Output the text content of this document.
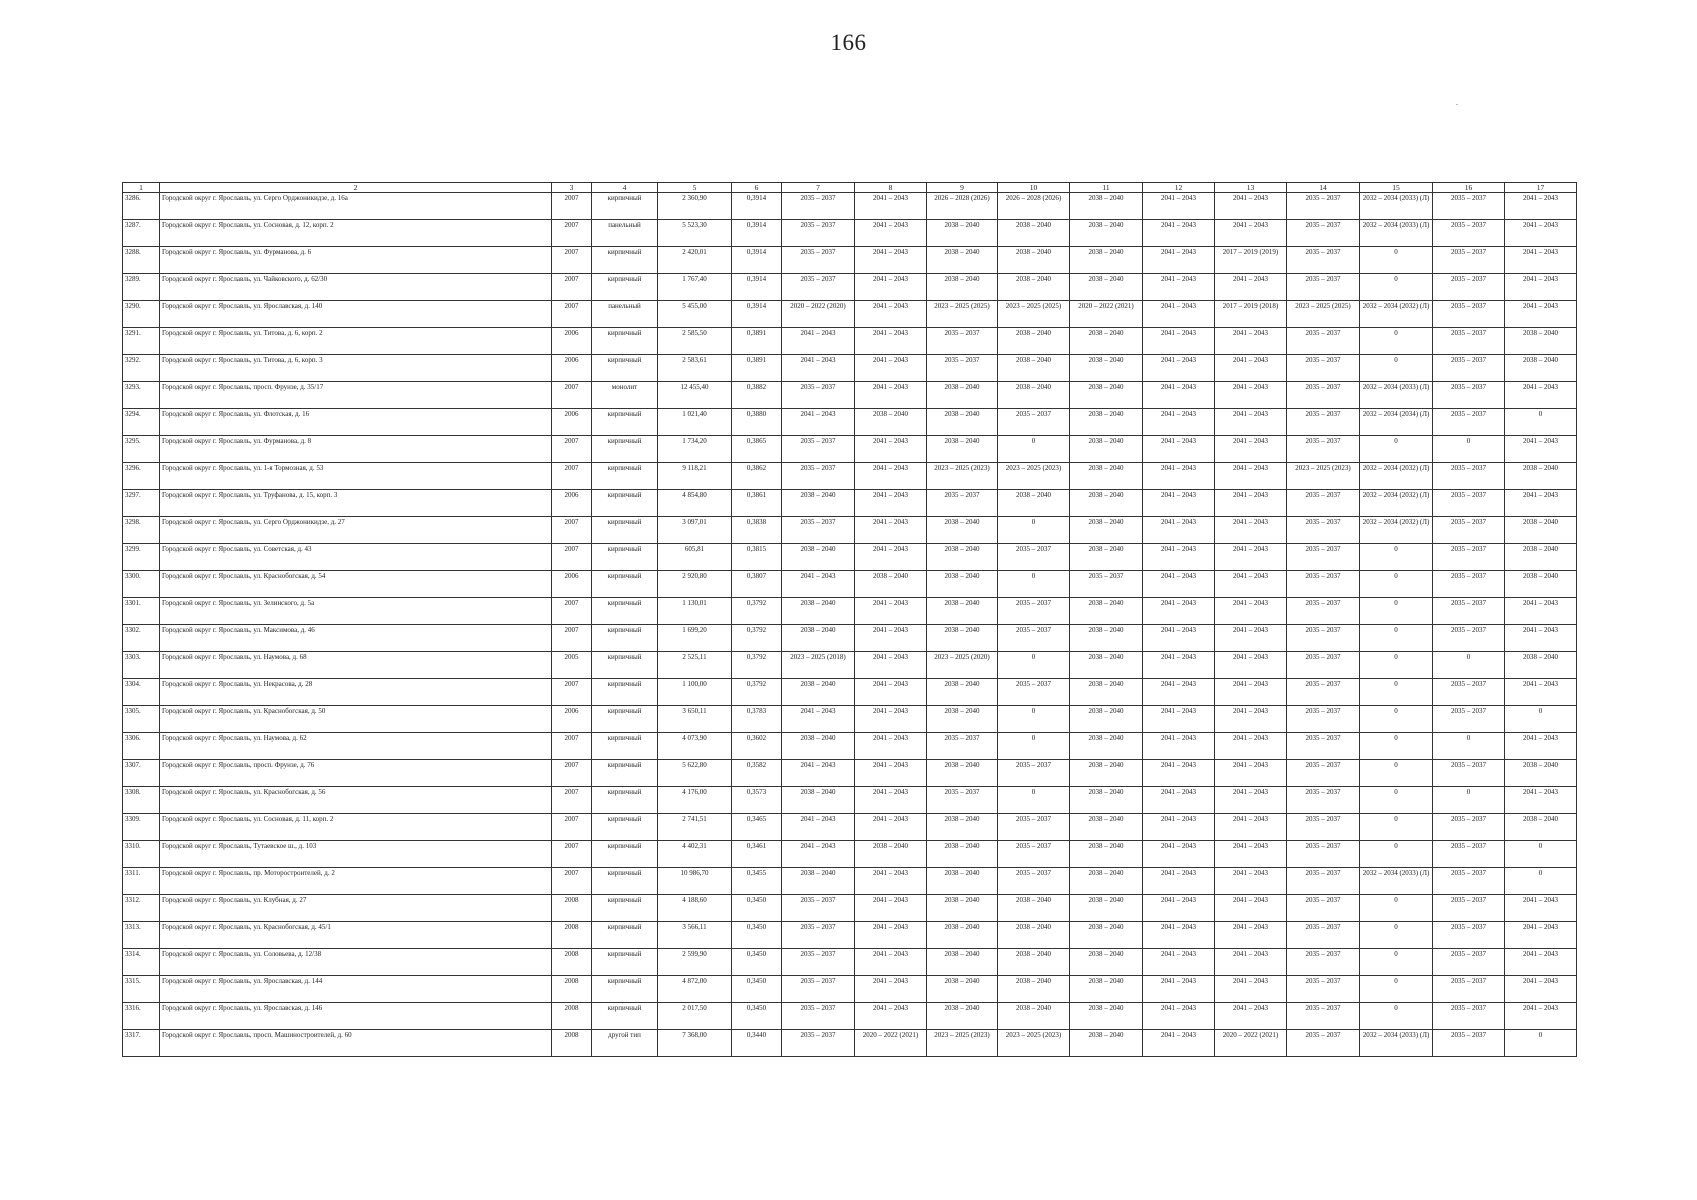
166
1	2	3	4	5	6	7	8	9	10	11	12	13	14	15	16	17
3286.	Городской округ г. Ярославль, ул. Серго Орджоникидзе, д. 16а	2007	кирпичный	2 360,90	0,3914	2035 – 2037	2041 – 2043	2026 – 2028 (2026)	2026 – 2028 (2026)	2038 – 2040	2041 – 2043	2041 – 2043	2035 – 2037	2032 – 2034 (2033) (Л)	2035 – 2037	2041 – 2043
3287.	Городской округ г. Ярославль, ул. Сосновая, д. 12, корп. 2	2007	панельный	5 523,30	0,3914	2035 – 2037	2041 – 2043	2038 – 2040	2038 – 2040	2038 – 2040	2041 – 2043	2041 – 2043	2035 – 2037	2032 – 2034 (2033) (Л)	2035 – 2037	2041 – 2043
3288.	Городской округ г. Ярославль, ул. Фурманова, д. 6	2007	кирпичный	2 420,01	0,3914	2035 – 2037	2041 – 2043	2038 – 2040	2038 – 2040	2038 – 2040	2041 – 2043	2017 – 2019 (2019)	2035 – 2037	0	2035 – 2037	2041 – 2043
3289.	Городской округ г. Ярославль, ул. Чайковского, д. 62/30	2007	кирпичный	1 767,40	0,3914	2035 – 2037	2041 – 2043	2038 – 2040	2038 – 2040	2038 – 2040	2041 – 2043	2041 – 2043	2035 – 2037	0	2035 – 2037	2041 – 2043
3290.	Городской округ г. Ярославль, ул. Ярославская, д. 140	2007	панельный	5 455,00	0,3914	2020 – 2022 (2020)	2041 – 2043	2023 – 2025 (2025)	2023 – 2025 (2025)	2020 – 2022 (2021)	2041 – 2043	2017 – 2019 (2018)	2023 – 2025 (2025)	2032 – 2034 (2032) (Л)	2035 – 2037	2041 – 2043
3291.	Городской округ г. Ярославль, ул. Титова, д. 6, корп. 2	2006	кирпичный	2 585,50	0,3891	2041 – 2043	2041 – 2043	2035 – 2037	2038 – 2040	2038 – 2040	2041 – 2043	2041 – 2043	2035 – 2037	0	2035 – 2037	2038 – 2040
3292.	Городской округ г. Ярославль, ул. Титова, д. 6, корп. 3	2006	кирпичный	2 583,61	0,3891	2041 – 2043	2041 – 2043	2035 – 2037	2038 – 2040	2038 – 2040	2041 – 2043	2041 – 2043	2035 – 2037	0	2035 – 2037	2038 – 2040
3293.	Городской округ г. Ярославль, просп. Фрунзе, д. 35/17	2007	монолит	12 455,40	0,3882	2035 – 2037	2041 – 2043	2038 – 2040	2038 – 2040	2038 – 2040	2041 – 2043	2041 – 2043	2035 – 2037	2032 – 2034 (2033) (Л)	2035 – 2037	2041 – 2043
3294.	Городской округ г. Ярославль, ул. Флотская, д. 16	2006	кирпичный	1 021,40	0,3880	2041 – 2043	2038 – 2040	2038 – 2040	2035 – 2037	2038 – 2040	2041 – 2043	2041 – 2043	2035 – 2037	2032 – 2034 (2034) (Л)	2035 – 2037	0
3295.	Городской округ г. Ярославль, ул. Фурманова, д. 8	2007	кирпичный	1 734,20	0,3865	2035 – 2037	2041 – 2043	2038 – 2040	0	2038 – 2040	2041 – 2043	2041 – 2043	2035 – 2037	0	0	2041 – 2043
3296.	Городской округ г. Ярославль, ул. 1-я Тормозная, д. 53	2007	кирпичный	9 118,21	0,3862	2035 – 2037	2041 – 2043	2023 – 2025 (2023)	2023 – 2025 (2023)	2038 – 2040	2041 – 2043	2041 – 2043	2023 – 2025 (2023)	2032 – 2034 (2032) (Л)	2035 – 2037	2038 – 2040
3297.	Городской округ г. Ярославль, ул. Труфанова, д. 15, корп. 3	2006	кирпичный	4 854,80	0,3861	2038 – 2040	2041 – 2043	2035 – 2037	2038 – 2040	2038 – 2040	2041 – 2043	2041 – 2043	2035 – 2037	2032 – 2034 (2032) (Л)	2035 – 2037	2041 – 2043
3298.	Городской округ г. Ярославль, ул. Серго Орджоникидзе, д. 27	2007	кирпичный	3 097,01	0,3838	2035 – 2037	2041 – 2043	2038 – 2040	0	2038 – 2040	2041 – 2043	2041 – 2043	2035 – 2037	2032 – 2034 (2032) (Л)	2035 – 2037	2038 – 2040
3299.	Городской округ г. Ярославль, ул. Советская, д. 43	2007	кирпичный	605,81	0,3815	2038 – 2040	2041 – 2043	2038 – 2040	2035 – 2037	2038 – 2040	2041 – 2043	2041 – 2043	2035 – 2037	0	2035 – 2037	2038 – 2040
3300.	Городской округ г. Ярославль, ул. Краснобогская, д. 54	2006	кирпичный	2 920,80	0,3807	2041 – 2043	2038 – 2040	2038 – 2040	0	2035 – 2037	2041 – 2043	2041 – 2043	2035 – 2037	0	2035 – 2037	2038 – 2040
3301.	Городской округ г. Ярославль, ул. Зелинского, д. 5а	2007	кирпичный	1 130,01	0,3792	2038 – 2040	2041 – 2043	2038 – 2040	2035 – 2037	2038 – 2040	2041 – 2043	2041 – 2043	2035 – 2037	0	2035 – 2037	2041 – 2043
3302.	Городской округ г. Ярославль, ул. Максимова, д. 46	2007	кирпичный	1 699,20	0,3792	2038 – 2040	2041 – 2043	2038 – 2040	2035 – 2037	2038 – 2040	2041 – 2043	2041 – 2043	2035 – 2037	0	2035 – 2037	2041 – 2043
3303.	Городской округ г. Ярославль, ул. Наумова, д. 68	2005	кирпичный	2 525,11	0,3792	2023 – 2025 (2018)	2041 – 2043	2023 – 2025 (2020)	0	2038 – 2040	2041 – 2043	2041 – 2043	2035 – 2037	0	0	2038 – 2040
3304.	Городской округ г. Ярославль, ул. Некрасова, д. 28	2007	кирпичный	1 100,00	0,3792	2038 – 2040	2041 – 2043	2038 – 2040	2035 – 2037	2038 – 2040	2041 – 2043	2041 – 2043	2035 – 2037	0	2035 – 2037	2041 – 2043
3305.	Городской округ г. Ярославль, ул. Краснобогская, д. 50	2006	кирпичный	3 650,11	0,3783	2041 – 2043	2041 – 2043	2038 – 2040	0	2038 – 2040	2041 – 2043	2041 – 2043	2035 – 2037	0	2035 – 2037	0
3306.	Городской округ г. Ярославль, ул. Наумова, д. 62	2007	кирпичный	4 073,90	0,3602	2038 – 2040	2041 – 2043	2035 – 2037	0	2038 – 2040	2041 – 2043	2041 – 2043	2035 – 2037	0	0	2041 – 2043
3307.	Городской округ г. Ярославль, просп. Фрунзе, д. 76	2007	кирпичный	5 622,80	0,3582	2041 – 2043	2041 – 2043	2038 – 2040	2035 – 2037	2038 – 2040	2041 – 2043	2041 – 2043	2035 – 2037	0	2035 – 2037	2038 – 2040
3308.	Городской округ г. Ярославль, ул. Краснобогская, д. 56	2007	кирпичный	4 176,00	0,3573	2038 – 2040	2041 – 2043	2035 – 2037	0	2038 – 2040	2041 – 2043	2041 – 2043	2035 – 2037	0	0	2041 – 2043
3309.	Городской округ г. Ярославль, ул. Сосновая, д. 11, корп. 2	2007	кирпичный	2 741,51	0,3465	2041 – 2043	2041 – 2043	2038 – 2040	2035 – 2037	2038 – 2040	2041 – 2043	2041 – 2043	2035 – 2037	0	2035 – 2037	2038 – 2040
3310.	Городской округ г. Ярославль, Тутаевское ш., д. 103	2007	кирпичный	4 402,31	0,3461	2041 – 2043	2038 – 2040	2038 – 2040	2035 – 2037	2038 – 2040	2041 – 2043	2041 – 2043	2035 – 2037	0	2035 – 2037	0
3311.	Городской округ г. Ярославль, пр. Моторостроителей, д. 2	2007	кирпичный	10 986,70	0,3455	2038 – 2040	2041 – 2043	2038 – 2040	2035 – 2037	2038 – 2040	2041 – 2043	2041 – 2043	2035 – 2037	2032 – 2034 (2033) (Л)	2035 – 2037	0
3312.	Городской округ г. Ярославль, ул. Клубная, д. 27	2008	кирпичный	4 188,60	0,3450	2035 – 2037	2041 – 2043	2038 – 2040	2038 – 2040	2038 – 2040	2041 – 2043	2041 – 2043	2035 – 2037	0	2035 – 2037	2041 – 2043
3313.	Городской округ г. Ярославль, ул. Краснобогская, д. 45/1	2008	кирпичный	3 566,11	0,3450	2035 – 2037	2041 – 2043	2038 – 2040	2038 – 2040	2038 – 2040	2041 – 2043	2041 – 2043	2035 – 2037	0	2035 – 2037	2041 – 2043
3314.	Городской округ г. Ярославль, ул. Соловьева, д. 12/38	2008	кирпичный	2 599,90	0,3450	2035 – 2037	2041 – 2043	2038 – 2040	2038 – 2040	2038 – 2040	2041 – 2043	2041 – 2043	2035 – 2037	0	2035 – 2037	2041 – 2043
3315.	Городской округ г. Ярославль, ул. Ярославская, д. 144	2008	кирпичный	4 872,00	0,3450	2035 – 2037	2041 – 2043	2038 – 2040	2038 – 2040	2038 – 2040	2041 – 2043	2041 – 2043	2035 – 2037	0	2035 – 2037	2041 – 2043
3316.	Городской округ г. Ярославль, ул. Ярославская, д. 146	2008	кирпичный	2 017,50	0,3450	2035 – 2037	2041 – 2043	2038 – 2040	2038 – 2040	2038 – 2040	2041 – 2043	2041 – 2043	2035 – 2037	0	2035 – 2037	2041 – 2043
3317.	Городской округ г. Ярославль, просп. Машиностроителей, д. 60	2008	другой тип	7 368,00	0,3440	2035 – 2037	2020 – 2022 (2021)	2023 – 2025 (2023)	2023 – 2025 (2023)	2038 – 2040	2041 – 2043	2020 – 2022 (2021)	2035 – 2037	2032 – 2034 (2033) (Л)	2035 – 2037	0
